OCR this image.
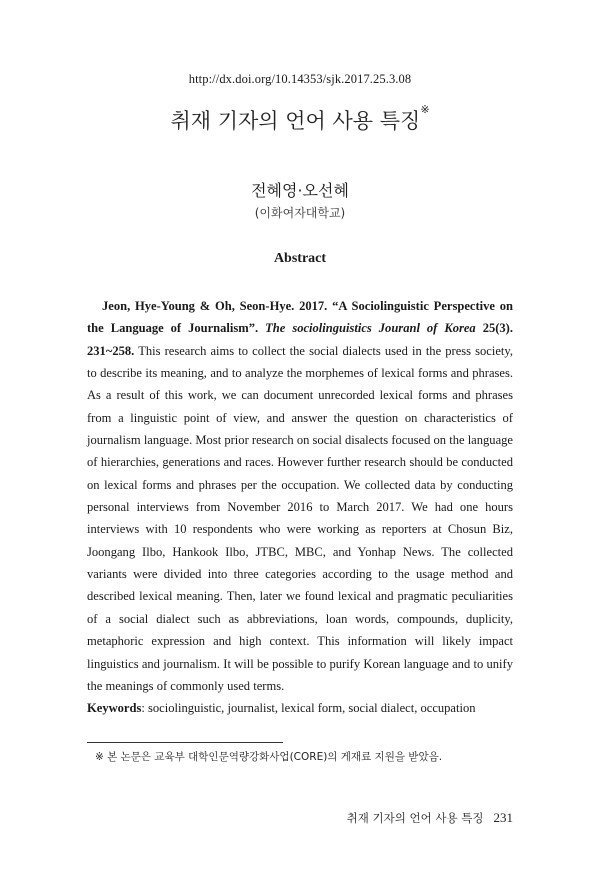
http://dx.doi.org/10.14353/sjk.2017.25.3.08
취재 기자의 언어 사용 특징※
전혜영·오선혜
(이화여자대학교)
Abstract

Jeon, Hye-Young & Oh, Seon-Hye. 2017. “A Sociolinguistic Perspective on the Language of Journalism”. The sociolinguistics Jouranl of Korea 25(3). 231~258. This research aims to collect the social dialects used in the press society, to describe its meaning, and to analyze the morphemes of lexical forms and phrases. As a result of this work, we can document unrecorded lexical forms and phrases from a linguistic point of view, and answer the question on characteristics of journalism language. Most prior research on social disalects focused on the language of hierarchies, generations and races. However further research should be conducted on lexical forms and phrases per the occupation. We collected data by conducting personal interviews from November 2016 to March 2017. We had one hours interviews with 10 respondents who were working as reporters at Chosun Biz, Joongang Ilbo, Hankook Ilbo, JTBC, MBC, and Yonhap News. The collected variants were divided into three categories according to the usage method and described lexical meaning. Then, later we found lexical and pragmatic peculiarities of a social dialect such as abbreviations, loan words, compounds, duplicity, metaphoric expression and high context. This information will likely impact linguistics and journalism. It will be possible to purify Korean language and to unify the meanings of commonly used terms.

Keywords: sociolinguistic, journalist, lexical form, social dialect, occupation
※ 본 논문은 교육부 대학인문역량강화사업(CORE)의 게재료 지원을 받았음.
취재 기자의 언어 사용 특징 231
